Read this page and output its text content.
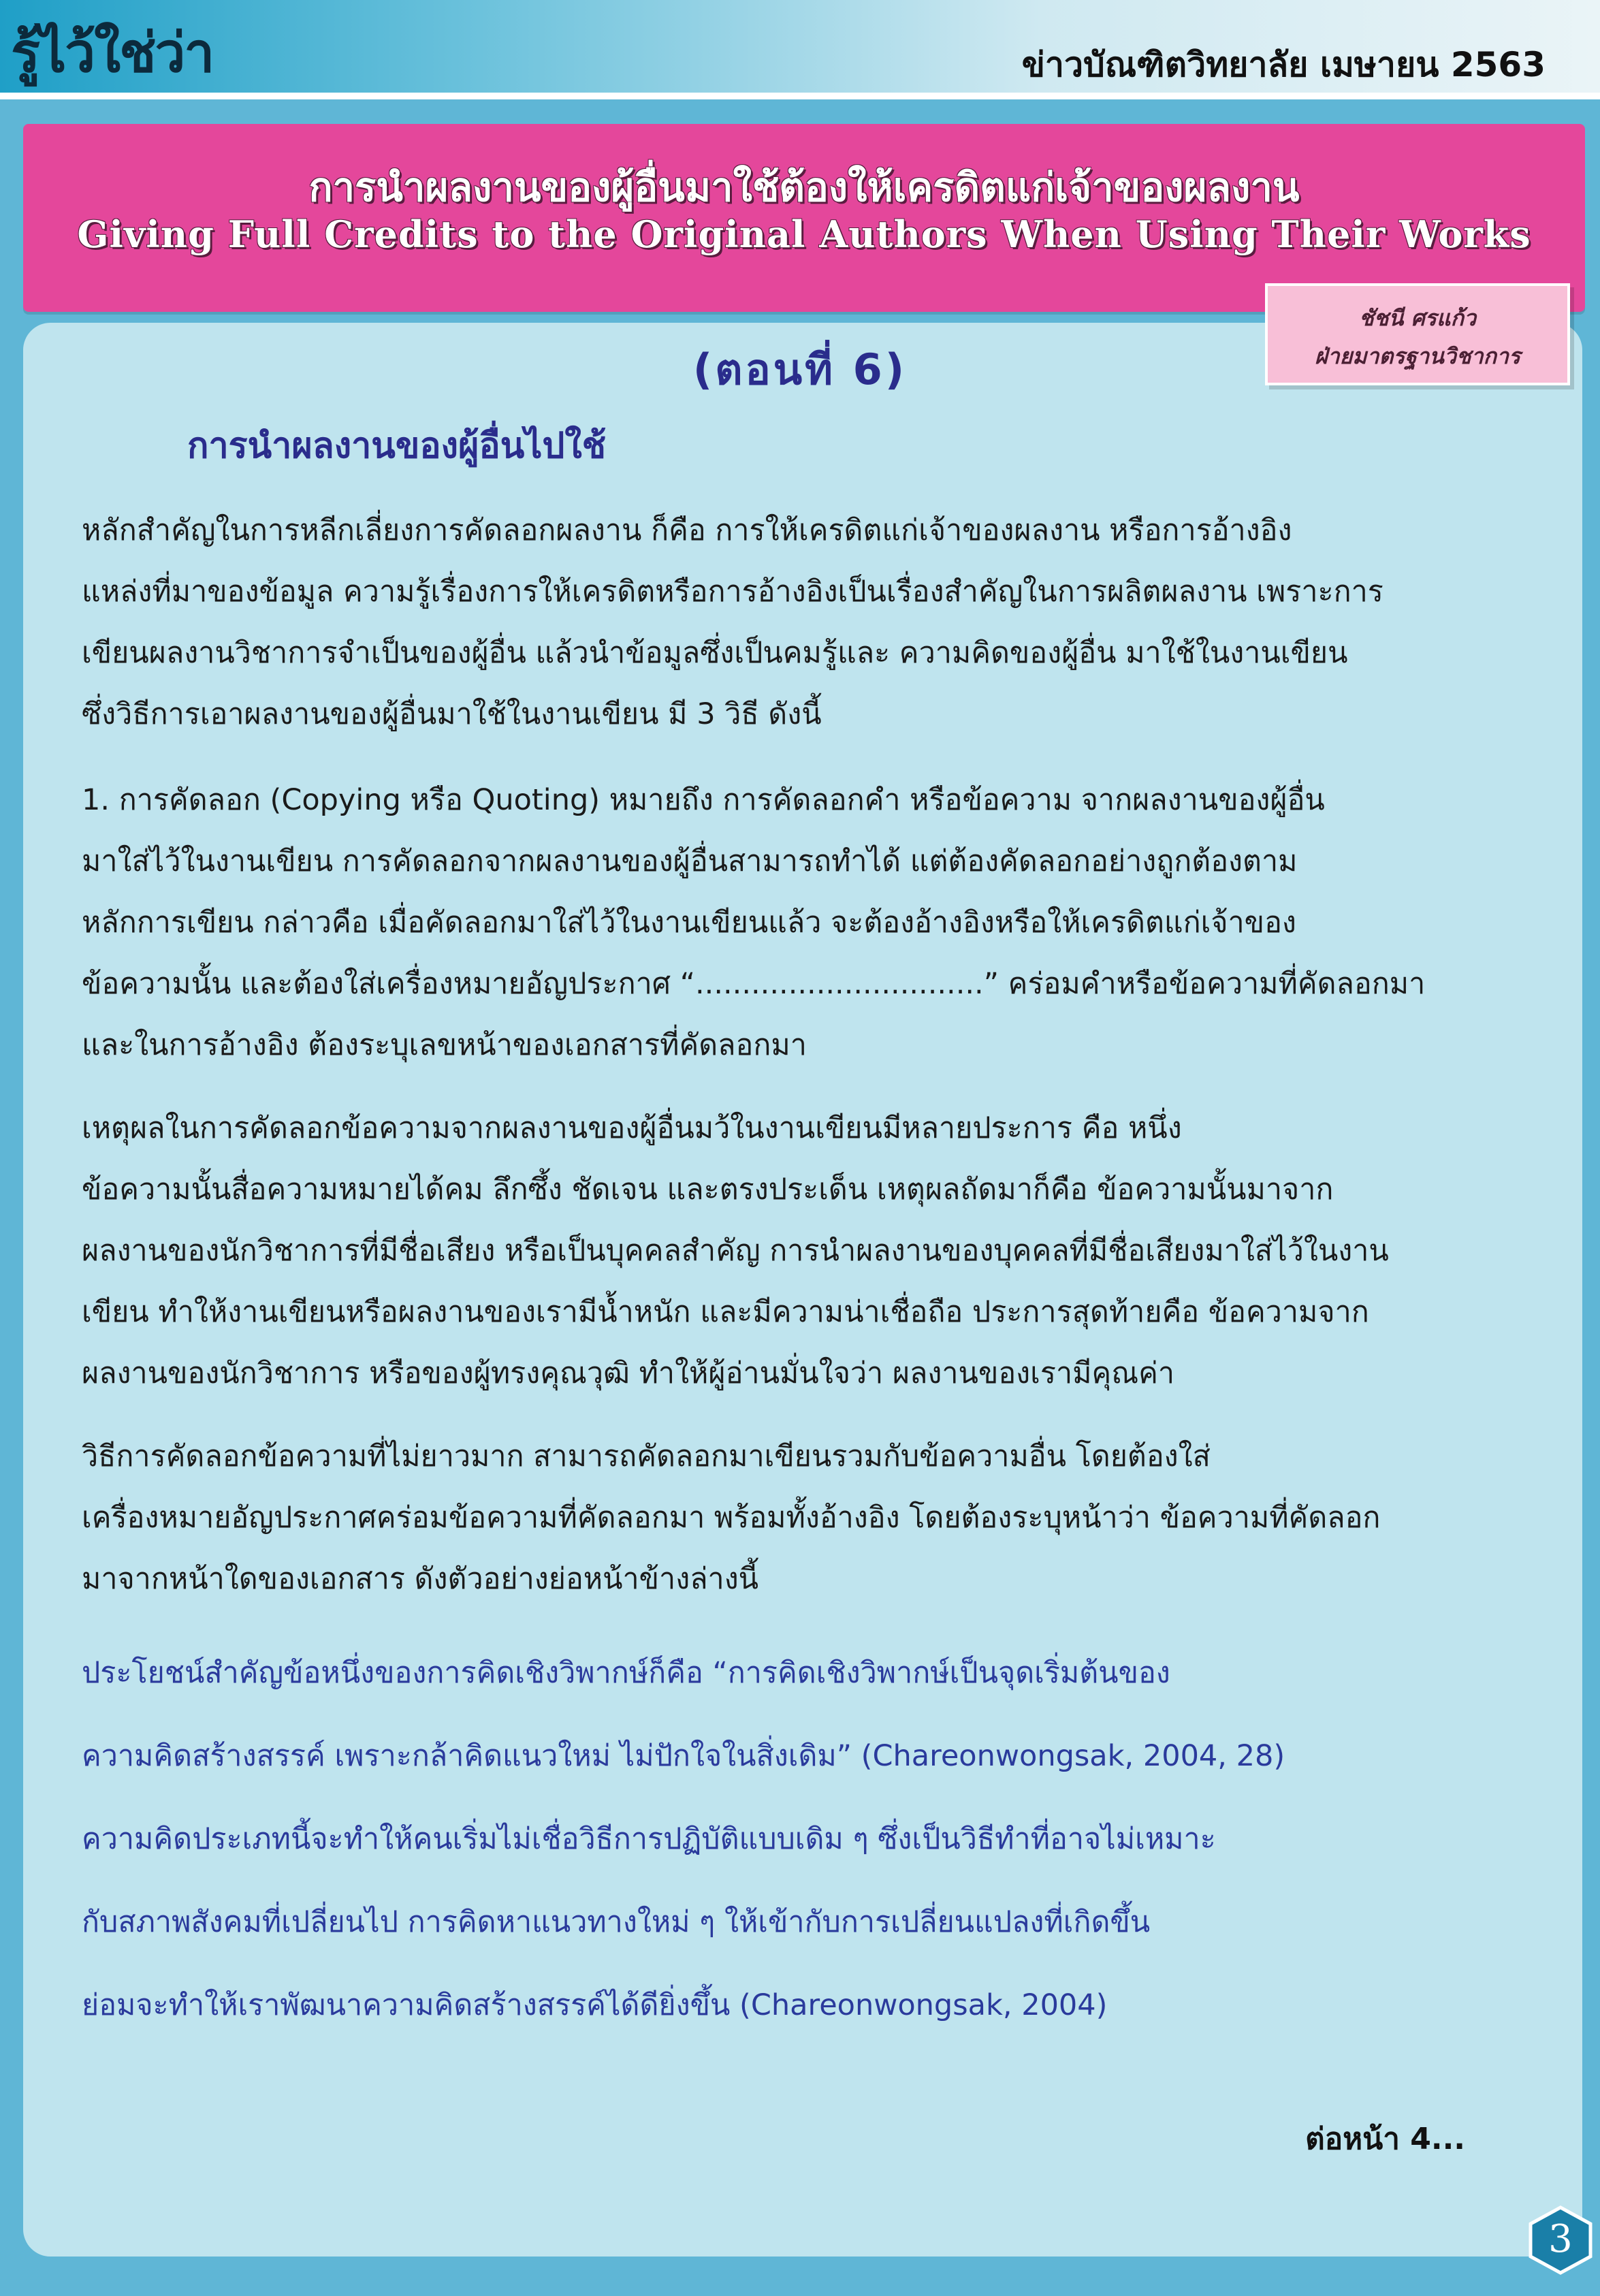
รู้ไว้ใช่ว่า	ข่าวบัณฑิตวิทยาลัย เมษายน 2563
การนำผลงานของผู้อื่นมาใช้ต้องให้เครดิตแก่เจ้าของผลงาน
Giving Full Credits to the Original Authors When Using Their Works
ชัชนี ศรแก้ว
ฝ่ายมาตรฐานวิชาการ
(ตอนที่ 6)
การนำผลงานของผู้อื่นไปใช้
หลักสำคัญในการหลีกเลี่ยงการคัดลอกผลงาน ก็คือ การให้เครดิตแก่เจ้าของผลงาน หรือการอ้างอิง
แหล่งที่มาของข้อมูล ความรู้เรื่องการให้เครดิตหรือการอ้างอิงเป็นเรื่องสำคัญในการผลิตผลงาน เพราะการ
เขียนผลงานวิชาการจำเป็นของผู้อื่น แล้วนำข้อมูลซึ่งเป็นคมรู้และ ความคิดของผู้อื่น มาใช้ในงานเขียน
ซึ่งวิธีการเอาผลงานของผู้อื่นมาใช้ในงานเขียน มี 3 วิธี ดังนี้
1. การคัดลอก (Copying หรือ Quoting) หมายถึง การคัดลอกคำ หรือข้อความ จากผลงานของผู้อื่น
มาใส่ไว้ในงานเขียน การคัดลอกจากผลงานของผู้อื่นสามารถทำได้ แต่ต้องคัดลอกอย่างถูกต้องตาม
หลักการเขียน กล่าวคือ เมื่อคัดลอกมาใส่ไว้ในงานเขียนแล้ว จะต้องอ้างอิงหรือให้เครดิตแก่เจ้าของ
ข้อความนั้น และต้องใส่เครื่องหมายอัญประกาศ “...............................” คร่อมคำหรือข้อความที่คัดลอกมา
และในการอ้างอิง ต้องระบุเลขหน้าของเอกสารที่คัดลอกมา
เหตุผลในการคัดลอกข้อความจากผลงานของผู้อื่นมว้ในงานเขียนมีหลายประการ คือ หนึ่ง
ข้อความนั้นสื่อความหมายได้คม ลึกซึ้ง ชัดเจน และตรงประเด็น เหตุผลถัดมาก็คือ ข้อความนั้นมาจาก
ผลงานของนักวิชาการที่มีชื่อเสียง หรือเป็นบุคคลสำคัญ การนำผลงานของบุคคลที่มีชื่อเสียงมาใส่ไว้ในงาน
เขียน ทำให้งานเขียนหรือผลงานของเรามีน้ำหนัก และมีความน่าเชื่อถือ ประการสุดท้ายคือ ข้อความจาก
ผลงานของนักวิชาการ หรือของผู้ทรงคุณวุฒิ ทำให้ผู้อ่านมั่นใจว่า ผลงานของเรามีคุณค่า
วิธีการคัดลอกข้อความที่ไม่ยาวมาก สามารถคัดลอกมาเขียนรวมกับข้อความอื่น โดยต้องใส่
เครื่องหมายอัญประกาศคร่อมข้อความที่คัดลอกมา พร้อมทั้งอ้างอิง โดยต้องระบุหน้าว่า ข้อความที่คัดลอก
มาจากหน้าใดของเอกสาร ดังตัวอย่างย่อหน้าข้างล่างนี้
ประโยชน์สำคัญข้อหนึ่งของการคิดเชิงวิพากษ์ก็คือ “การคิดเชิงวิพากษ์เป็นจุดเริ่มต้นของ
ความคิดสร้างสรรค์ เพราะกล้าคิดแนวใหม่ ไม่ปักใจในสิ่งเดิม” (Chareonwongsak, 2004, 28)
ความคิดประเภทนี้จะทำให้คนเริ่มไม่เชื่อวิธีการปฏิบัติแบบเดิม ๆ ซึ่งเป็นวิธีทำที่อาจไม่เหมาะ
กับสภาพสังคมที่เปลี่ยนไป การคิดหาแนวทางใหม่ ๆ ให้เข้ากับการเปลี่ยนแปลงที่เกิดขึ้น
ย่อมจะทำให้เราพัฒนาความคิดสร้างสรรค์ได้ดียิ่งขึ้น (Chareonwongsak, 2004)
ต่อหน้า 4...
3
